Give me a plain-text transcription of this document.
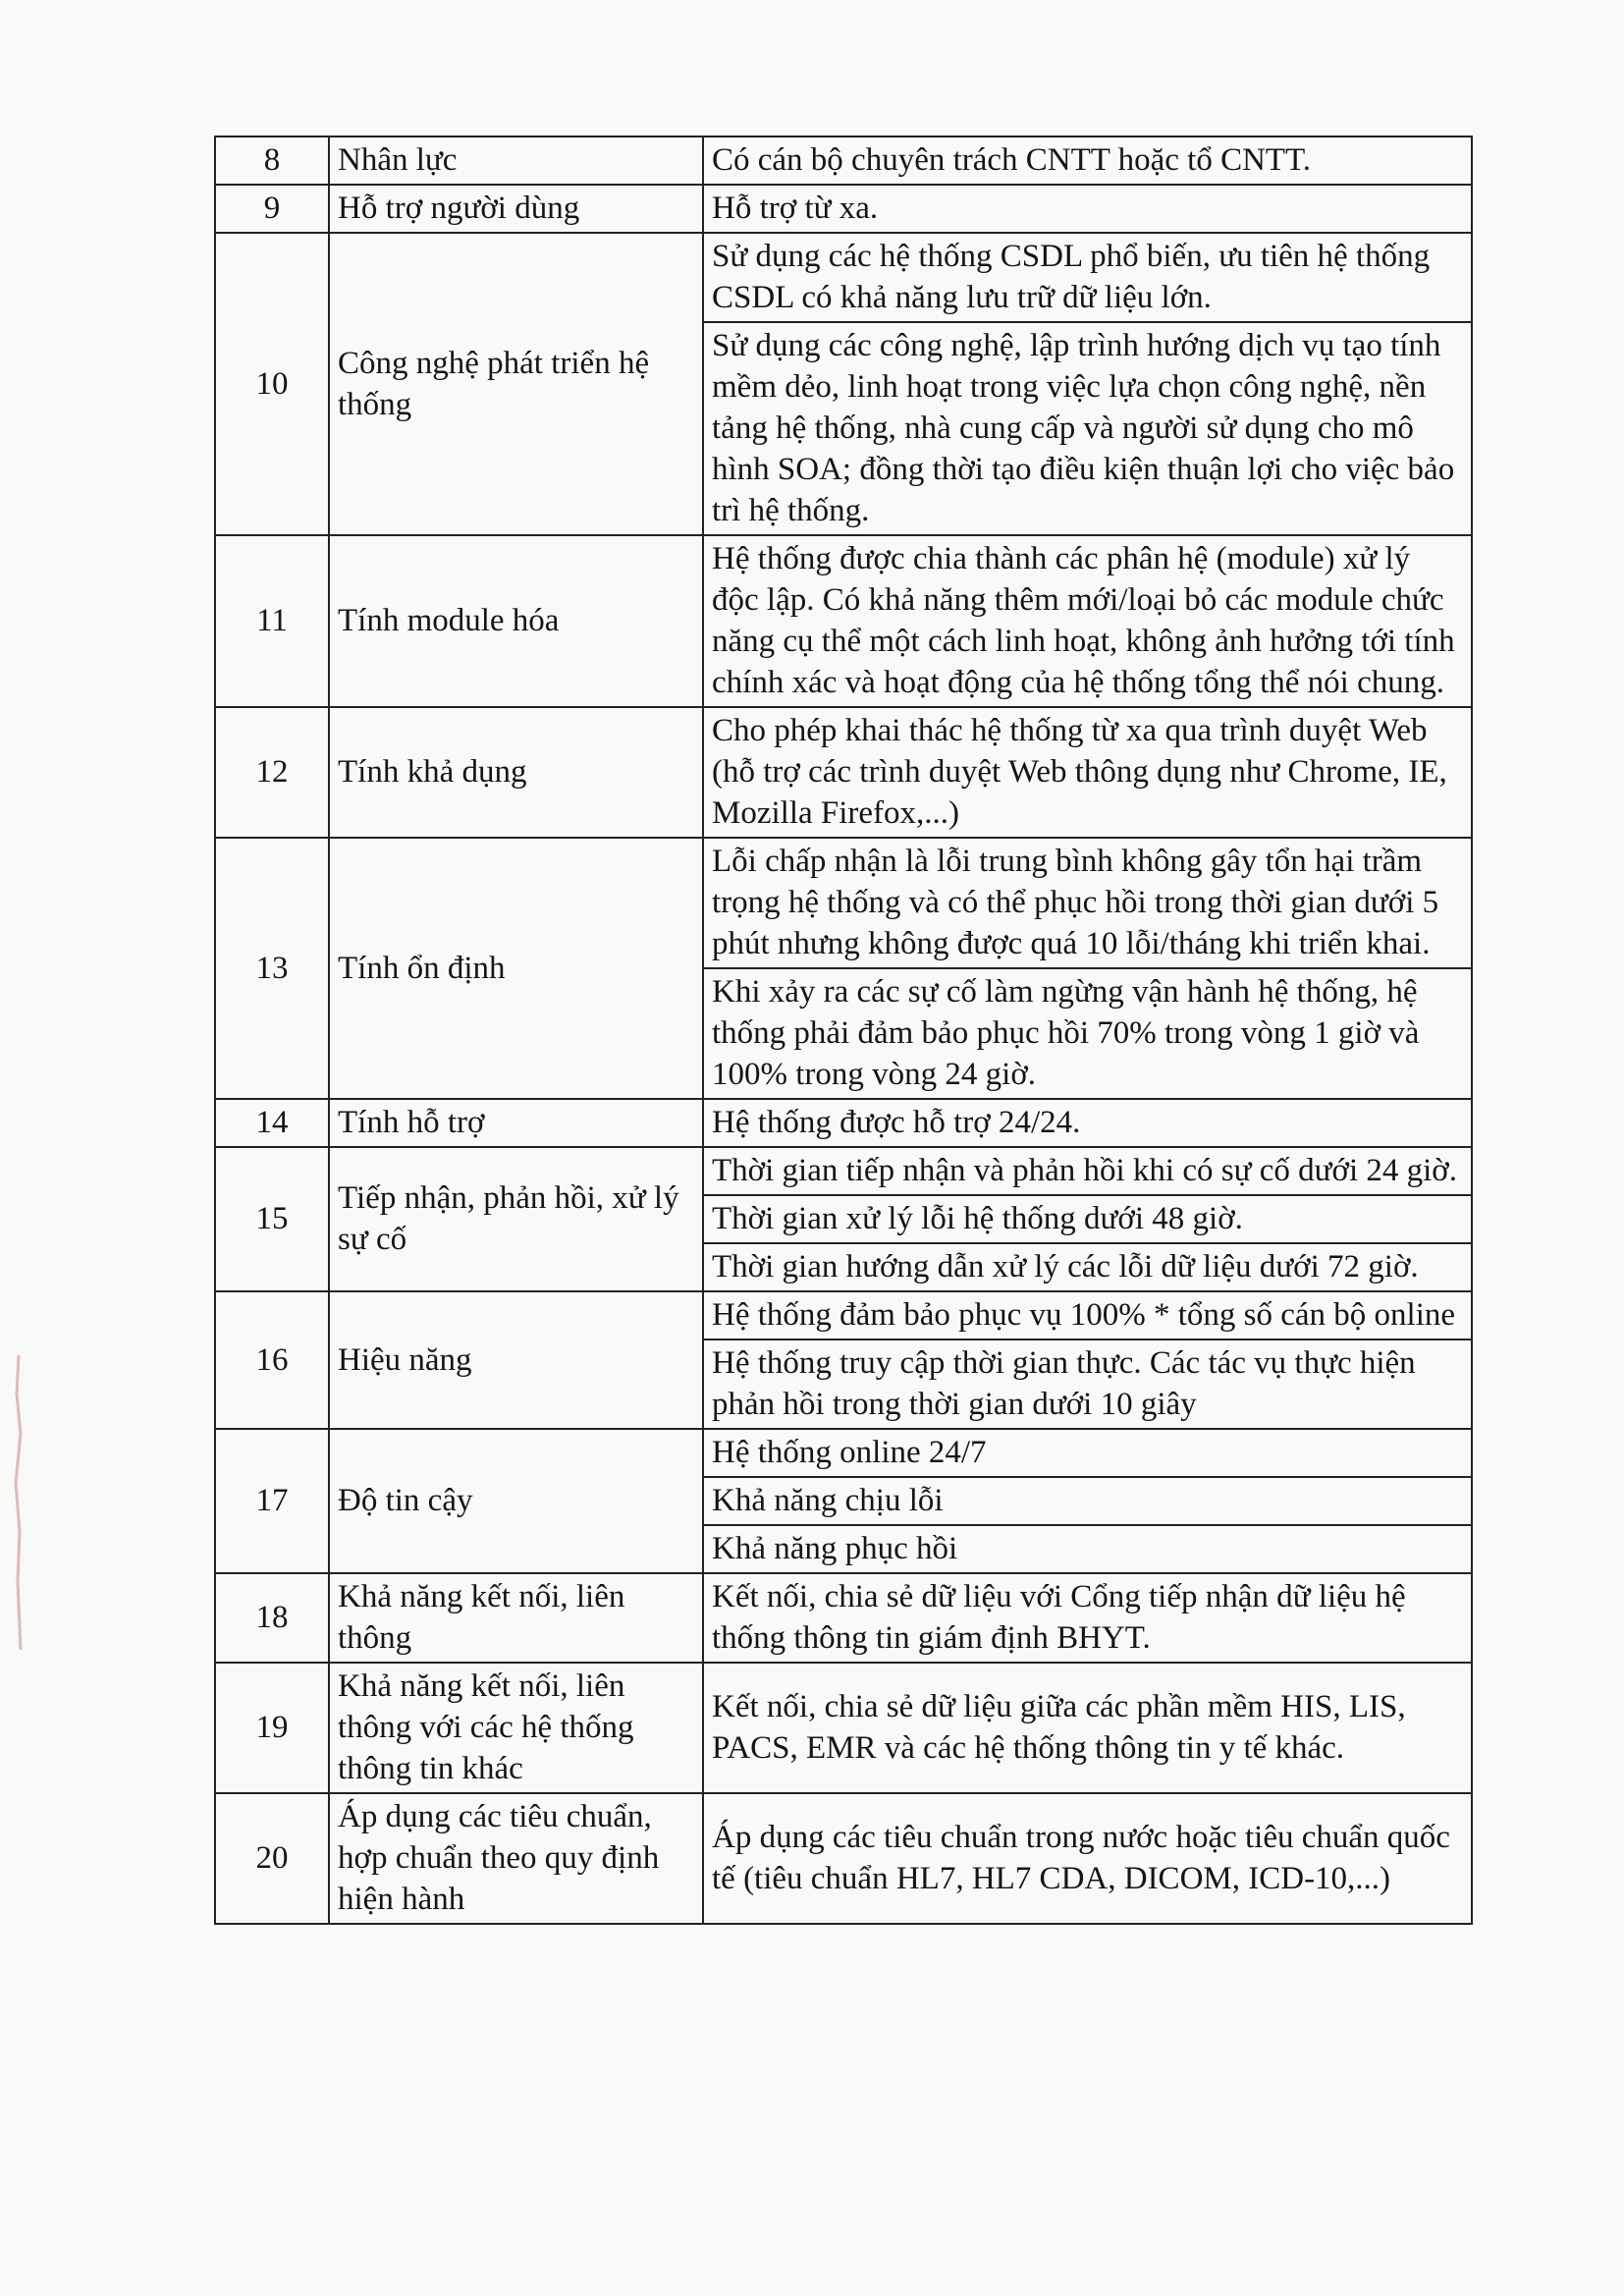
8	Nhân lực	Có cán bộ chuyên trách CNTT hoặc tổ CNTT.
9	Hỗ trợ người dùng	Hỗ trợ từ xa.
10	Công nghệ phát triển hệ thống	Sử dụng các hệ thống CSDL phổ biến, ưu tiên hệ thống CSDL có khả năng lưu trữ dữ liệu lớn.
		Sử dụng các công nghệ, lập trình hướng dịch vụ tạo tính mềm dẻo, linh hoạt trong việc lựa chọn công nghệ, nền tảng hệ thống, nhà cung cấp và người sử dụng cho mô hình SOA; đồng thời tạo điều kiện thuận lợi cho việc bảo trì hệ thống.
11	Tính module hóa	Hệ thống được chia thành các phân hệ (module) xử lý độc lập. Có khả năng thêm mới/loại bỏ các module chức năng cụ thể một cách linh hoạt, không ảnh hưởng tới tính chính xác và hoạt động của hệ thống tổng thể nói chung.
12	Tính khả dụng	Cho phép khai thác hệ thống từ xa qua trình duyệt Web (hỗ trợ các trình duyệt Web thông dụng như Chrome, IE, Mozilla Firefox,...)
13	Tính ổn định	Lỗi chấp nhận là lỗi trung bình không gây tổn hại trầm trọng hệ thống và có thể phục hồi trong thời gian dưới 5 phút nhưng không được quá 10 lỗi/tháng khi triển khai.
		Khi xảy ra các sự cố làm ngừng vận hành hệ thống, hệ thống phải đảm bảo phục hồi 70% trong vòng 1 giờ và 100% trong vòng 24 giờ.
14	Tính hỗ trợ	Hệ thống được hỗ trợ 24/24.
15	Tiếp nhận, phản hồi, xử lý sự cố	Thời gian tiếp nhận và phản hồi khi có sự cố dưới 24 giờ.
		Thời gian xử lý lỗi hệ thống dưới 48 giờ.
		Thời gian hướng dẫn xử lý các lỗi dữ liệu dưới 72 giờ.
16	Hiệu năng	Hệ thống đảm bảo phục vụ 100% * tổng số cán bộ online
		Hệ thống truy cập thời gian thực. Các tác vụ thực hiện phản hồi trong thời gian dưới 10 giây
17	Độ tin cậy	Hệ thống online 24/7
		Khả năng chịu lỗi
		Khả năng phục hồi
18	Khả năng kết nối, liên thông	Kết nối, chia sẻ dữ liệu với Cổng tiếp nhận dữ liệu hệ thống thông tin giám định BHYT.
19	Khả năng kết nối, liên thông với các hệ thống thông tin khác	Kết nối, chia sẻ dữ liệu giữa các phần mềm HIS, LIS, PACS, EMR và các hệ thống thông tin y tế khác.
20	Áp dụng các tiêu chuẩn, hợp chuẩn theo quy định hiện hành	Áp dụng các tiêu chuẩn trong nước hoặc tiêu chuẩn quốc tế (tiêu chuẩn HL7, HL7 CDA, DICOM, ICD-10,...)
